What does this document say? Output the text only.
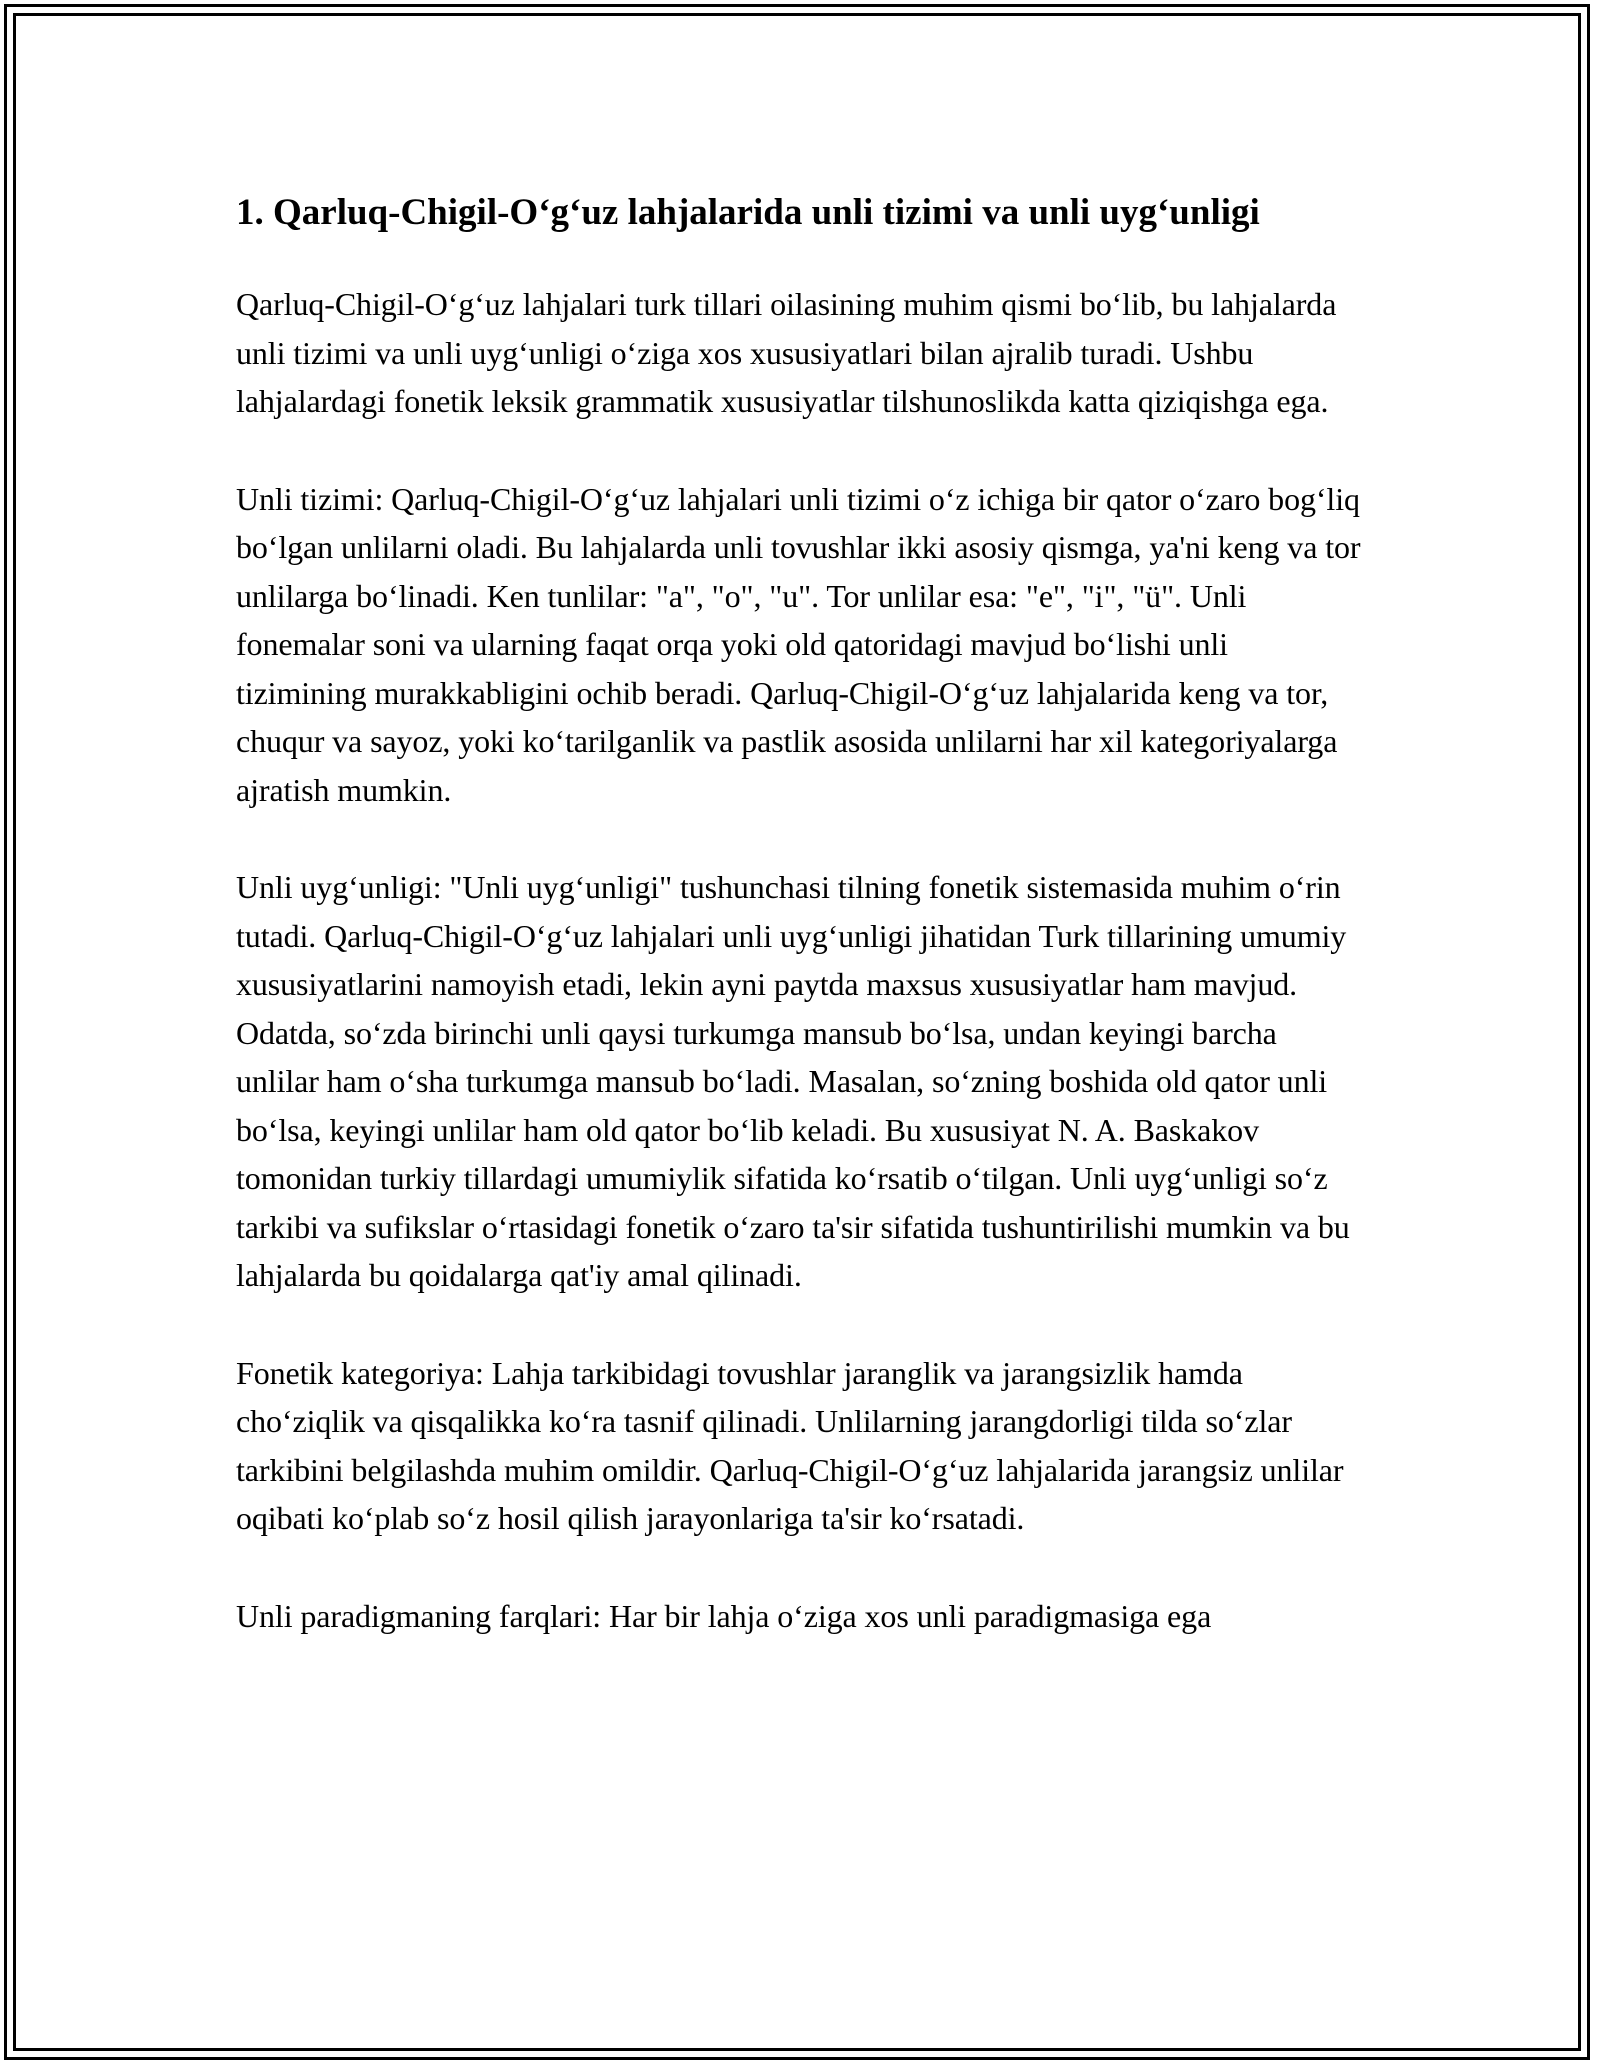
1. Qarluq-Chigil-O‘g‘uz lahjalarida unli tizimi va unli uyg‘unligi

Qarluq-Chigil-O‘g‘uz lahjalari turk tillari oilasining muhim qismi bo‘lib, bu lahjalarda unli tizimi va unli uyg‘unligi o‘ziga xos xususiyatlari bilan ajralib turadi. Ushbu lahjalardagi fonetik leksik grammatik xususiyatlar tilshunoslikda katta qiziqishga ega.

Unli tizimi: Qarluq-Chigil-O‘g‘uz lahjalari unli tizimi o‘z ichiga bir qator o‘zaro bog‘liq bo‘lgan unlilarni oladi. Bu lahjalarda unli tovushlar ikki asosiy qismga, ya'ni keng va tor unlilarga bo‘linadi. Ken tunlilar: "a", "o", "u". Tor unlilar esa: "e", "i", "ü". Unli fonemalar soni va ularning faqat orqa yoki old qatoridagi mavjud bo‘lishi unli tizimining murakkabligini ochib beradi. Qarluq-Chigil-O‘g‘uz lahjalarida keng va tor, chuqur va sayoz, yoki ko‘tarilganlik va pastlik asosida unlilarni har xil kategoriyalarga ajratish mumkin.

Unli uyg‘unligi: "Unli uyg‘unligi" tushunchasi tilning fonetik sistemasida muhim o‘rin tutadi. Qarluq-Chigil-O‘g‘uz lahjalari unli uyg‘unligi jihatidan Turk tillarining umumiy xususiyatlarini namoyish etadi, lekin ayni paytda maxsus xususiyatlar ham mavjud. Odatda, so‘zda birinchi unli qaysi turkumga mansub bo‘lsa, undan keyingi barcha unlilar ham o‘sha turkumga mansub bo‘ladi. Masalan, so‘zning boshida old qator unli bo‘lsa, keyingi unlilar ham old qator bo‘lib keladi. Bu xususiyat N. A. Baskakov tomonidan turkiy tillardagi umumiylik sifatida ko‘rsatib o‘tilgan. Unli uyg‘unligi so‘z tarkibi va sufikslar o‘rtasidagi fonetik o‘zaro ta'sir sifatida tushuntirilishi mumkin va bu lahjalarda bu qoidalarga qat'iy amal qilinadi.

Fonetik kategoriya: Lahja tarkibidagi tovushlar jaranglik va jarangsizlik hamda cho‘ziqlik va qisqalikka ko‘ra tasnif qilinadi. Unlilarning jarangdorligi tilda so‘zlar tarkibini belgilashda muhim omildir. Qarluq-Chigil-O‘g‘uz lahjalarida jarangsiz unlilar oqibati ko‘plab so‘z hosil qilish jarayonlariga ta'sir ko‘rsatadi.

Unli paradigmaning farqlari: Har bir lahja o‘ziga xos unli paradigmasiga ega
